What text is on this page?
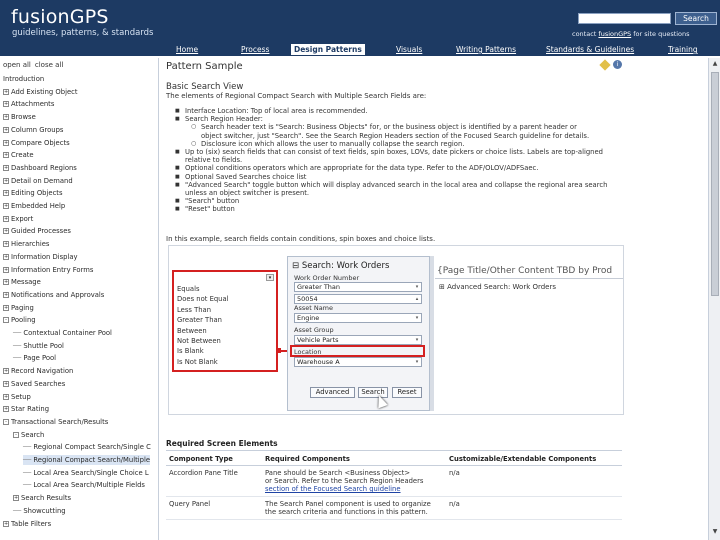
fusionGPS
guidelines, patterns, & standards
Search
contact fusionGPS for site questions
Home	Process	Design Patterns	Visuals	Writing Patterns	Standards & Guidelines	Training
open all close all
Introduction
+ Add Existing Object
+ Attachments
+ Browse
+ Column Groups
+ Compare Objects
+ Create
+ Dashboard Regions
+ Detail on Demand
+ Editing Objects
+ Embedded Help
+ Export
+ Guided Processes
+ Hierarchies
+ Information Display
+ Information Entry Forms
+ Message
+ Notifications and Approvals
+ Paging
- Pooling
── Contextual Container Pool
── Shuttle Pool
── Page Pool
+ Record Navigation
+ Saved Searches
+ Setup
+ Star Rating
- Transactional Search/Results
- Search
── Regional Compact Search/Single C
── Regional Compact Search/Multiple
── Local Area Search/Single Choice L
── Local Area Search/Multiple Fields
+ Search Results
── Showcutting
+ Table Filters
Pattern Sample	i
Basic Search View
The elements of Regional Compact Search with Multiple Search Fields are:
■ Interface Location: Top of local area is recommended.
■ Search Region Header:
○ Search header text is "Search: Business Objects" for, or the business object is identified by a parent header or
object switcher, just "Search". See the Search Region Headers section of the Focused Search guideline for details.
○ Disclosure icon which allows the user to manually collapse the search region.
■ Up to (six) search fields that can consist of text fields, spin boxes, LOVs, date pickers or choice lists. Labels are top-aligned
relative to fields.
■ Optional conditions operators which are appropriate for the data type. Refer to the ADF/OLOV/ADFSaec.
■ Optional Saved Searches choice list
■ "Advanced Search" toggle button which will display advanced search in the local area and collapse the regional area search
unless an object switcher is present.
■ "Search" button
■ "Reset" button
In this example, search fields contain conditions, spin boxes and choice lists.
▾
Equals
Does not Equal
Less Than
Greater Than
Between
Not Between
Is Blank
Is Not Blank
⊟ Search: Work Orders
Work Order Number
Greater Than	▾
50054	▴
Asset Name
Engine	▾
Asset Group
Vehicle Parts	▾
Location
Warehouse A	▾
Advanced	Search	Reset
{Page Title/Other Content TBD by Prod
⊞ Advanced Search: Work Orders
Required Screen Elements
Component Type	Required Components	Customizable/Extendable Components
Accordion Pane Title	Pane should be Search <Business Object>
or Search. Refer to the Search Region Headers
section of the Focused Search guideline	n/a
Query Panel	The Search Panel component is used to organize
the search criteria and functions in this pattern.	n/a
▲
▼
